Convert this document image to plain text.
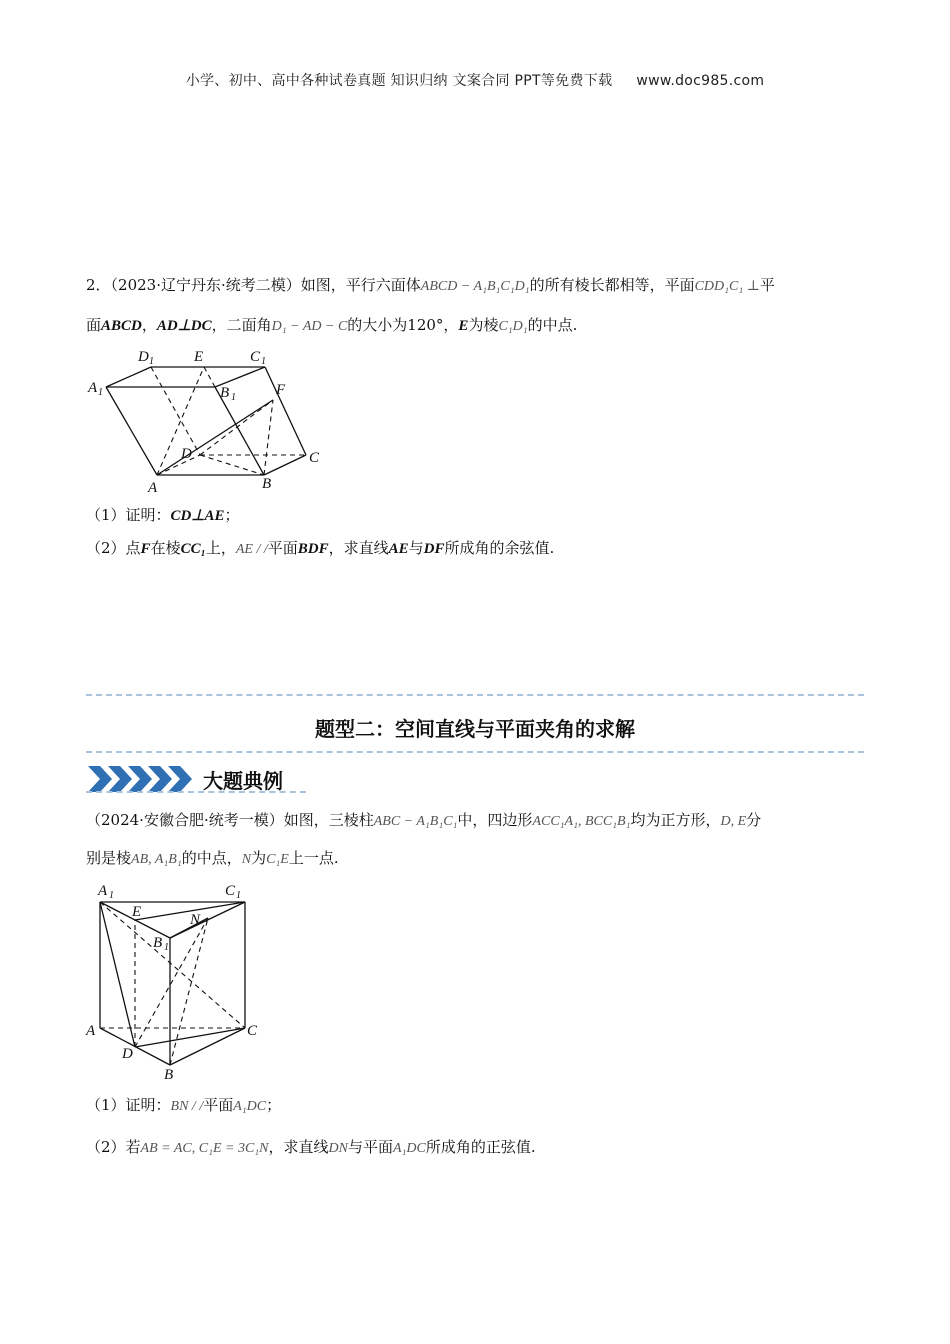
小学、初中、高中各种试卷真题 知识归纳 文案合同 PPT等免费下载 www.doc985.com
2．（2023·辽宁丹东·统考二模）如图，平行六面体ABCD − A₁B₁C₁D₁的所有棱长都相等，平面CDD₁C₁ ⊥平
面ABCD，AD⊥DC，二面角D₁ − AD − C的大小为120°，E为棱C₁D₁的中点.
A 1
D 1	E	C 1
B 1	F
D	C
A	B
（1）证明：CD⊥AE；
（2）点F在棱CC₁上，AE / /平面BDF，求直线AE与DF所成角的余弦值.
题型二：空间直线与平面夹角的求解
大题典例
（2024·安徽合肥·统考一模）如图，三棱柱ABC − A₁B₁C₁中，四边形ACC₁A₁, BCC₁B₁均为正方形，D, E分
别是棱AB, A₁B₁的中点，N为C₁E上一点.
A 1	C 1
E	N
B 1
A	C
D
B
（1）证明：BN / /平面A₁DC；
（2）若AB = AC, C₁E = 3C₁N，求直线DN与平面A₁DC所成角的正弦值.
